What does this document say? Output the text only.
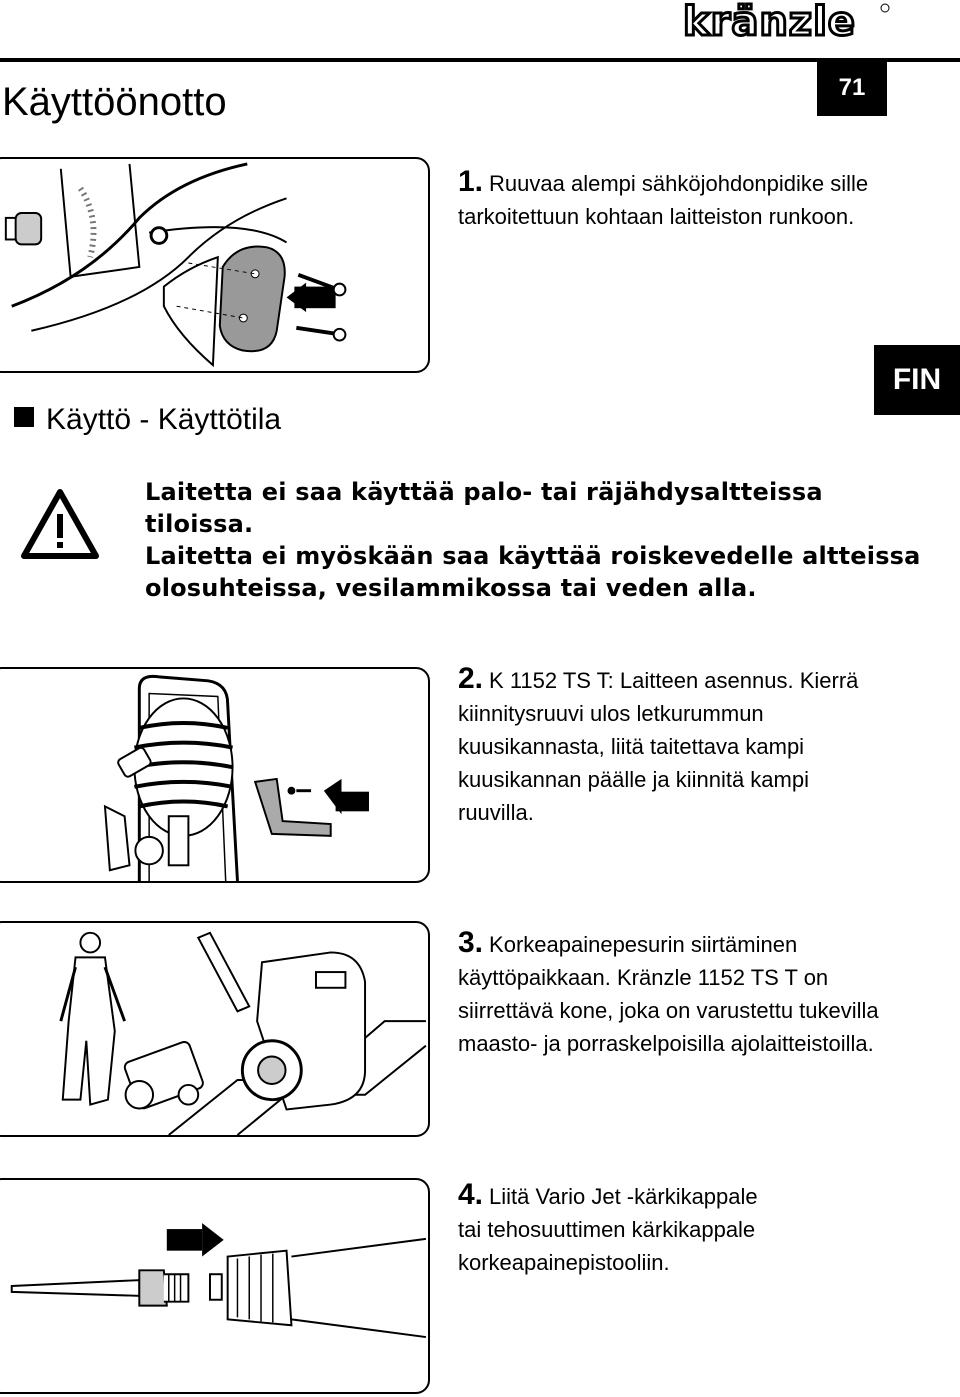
kränzle
71
Käyttöönotto
FIN
1. Ruuvaa alempi sähköjohdonpidike sille
tarkoitettuun kohtaan laitteiston runkoon.
Käyttö - Käyttötila
Laitetta ei saa käyttää palo- tai räjähdysaltteissa tiloissa.
Laitetta ei myöskään saa käyttää roiskevedelle altteissa
olosuhteissa, vesilammikossa tai veden alla.
2. K 1152 TS T: Laitteen asennus. Kierrä
kiinnitysruuvi ulos letkurummun
kuusikannasta, liitä taitettava kampi
kuusikannan päälle ja kiinnitä kampi
ruuvilla.
3. Korkeapainepesurin siirtäminen
käyttöpaikkaan. Kränzle 1152 TS T on
siirrettävä kone, joka on varustettu tukevilla
maasto- ja porraskelpoisilla ajolaitteistoilla.
4. Liitä Vario Jet -kärkikappale
tai tehosuuttimen kärkikappale
korkeapainepistooliin.
